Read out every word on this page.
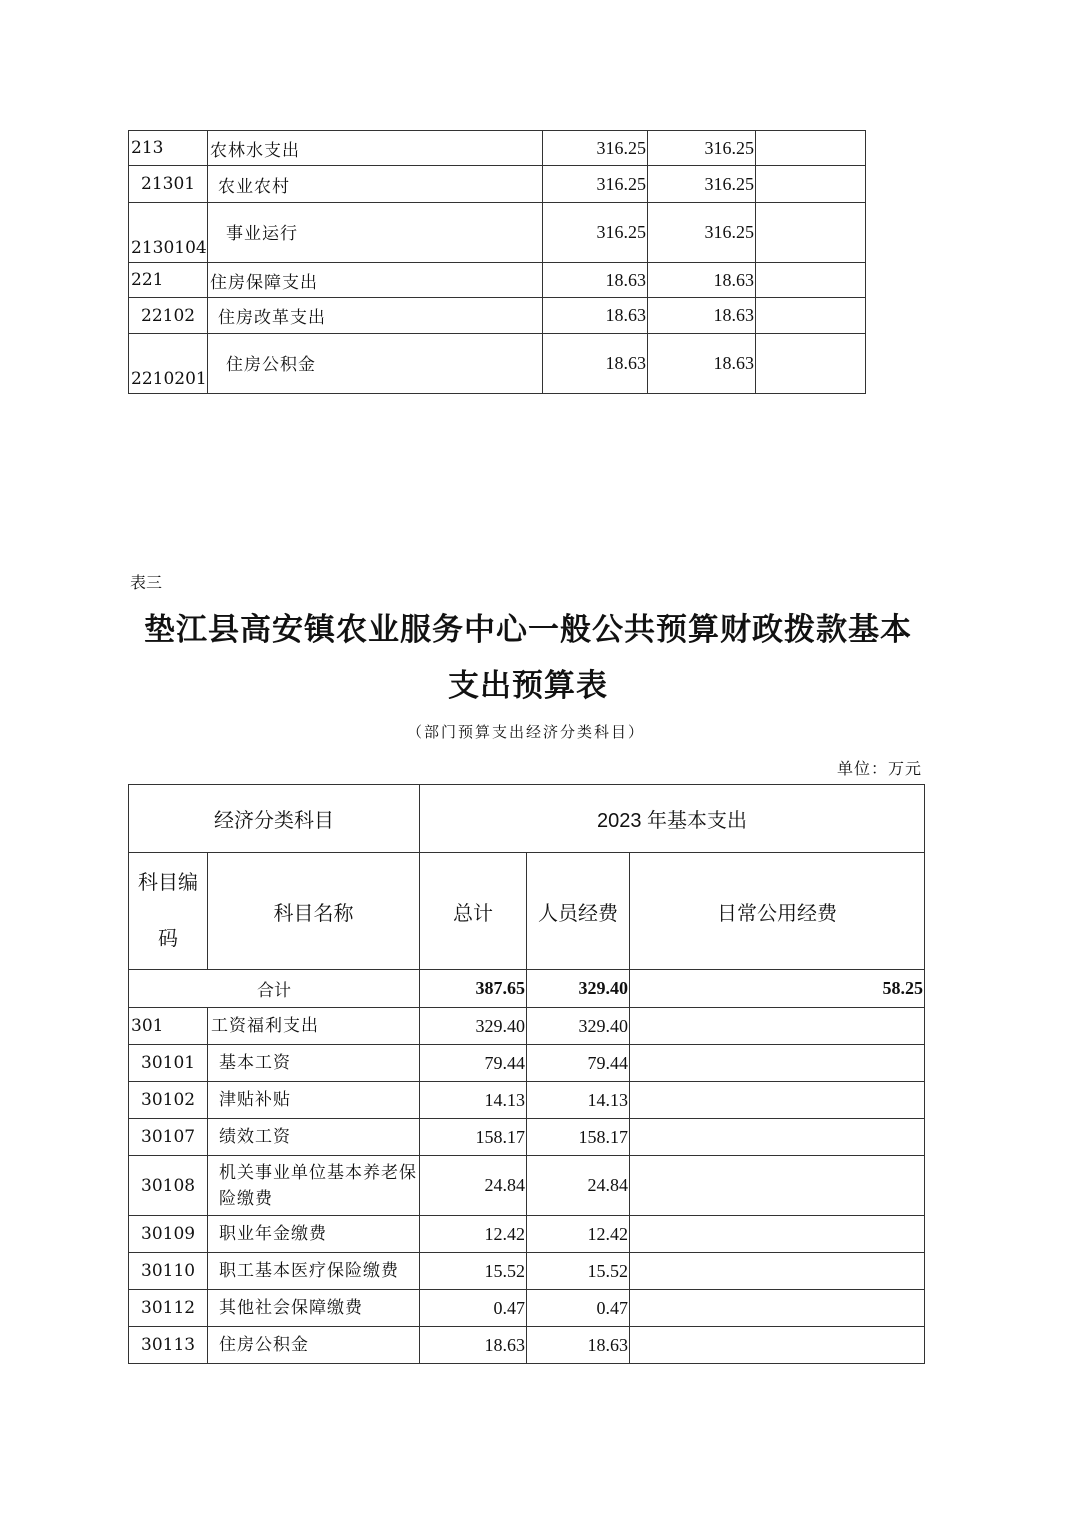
213	农林水支出	316.25	316.25	
21301	农业农村	316.25	316.25	
2130104	事业运行	316.25	316.25	
221	住房保障支出	18.63	18.63	
22102	住房改革支出	18.63	18.63	
2210201	住房公积金	18.63	18.63	
表三
垫江县高安镇农业服务中心一般公共预算财政拨款基本
支出预算表
（部门预算支出经济分类科目）
单位：万元
经济分类科目		2023 年基本支出		

科目编
码	科目名称	总计	人员经费	日常公用经费
合计		387.65	329.40	58.25
301	工资福利支出	329.40	329.40	
30101	基本工资	79.44	79.44	
30102	津贴补贴	14.13	14.13	
30107	绩效工资	158.17	158.17	
30108	机关事业单位基本养老保险缴费	24.84	24.84	
30109	职业年金缴费	12.42	12.42	
30110	职工基本医疗保险缴费	15.52	15.52	
30112	其他社会保障缴费	0.47	0.47	
30113	住房公积金	18.63	18.63	
